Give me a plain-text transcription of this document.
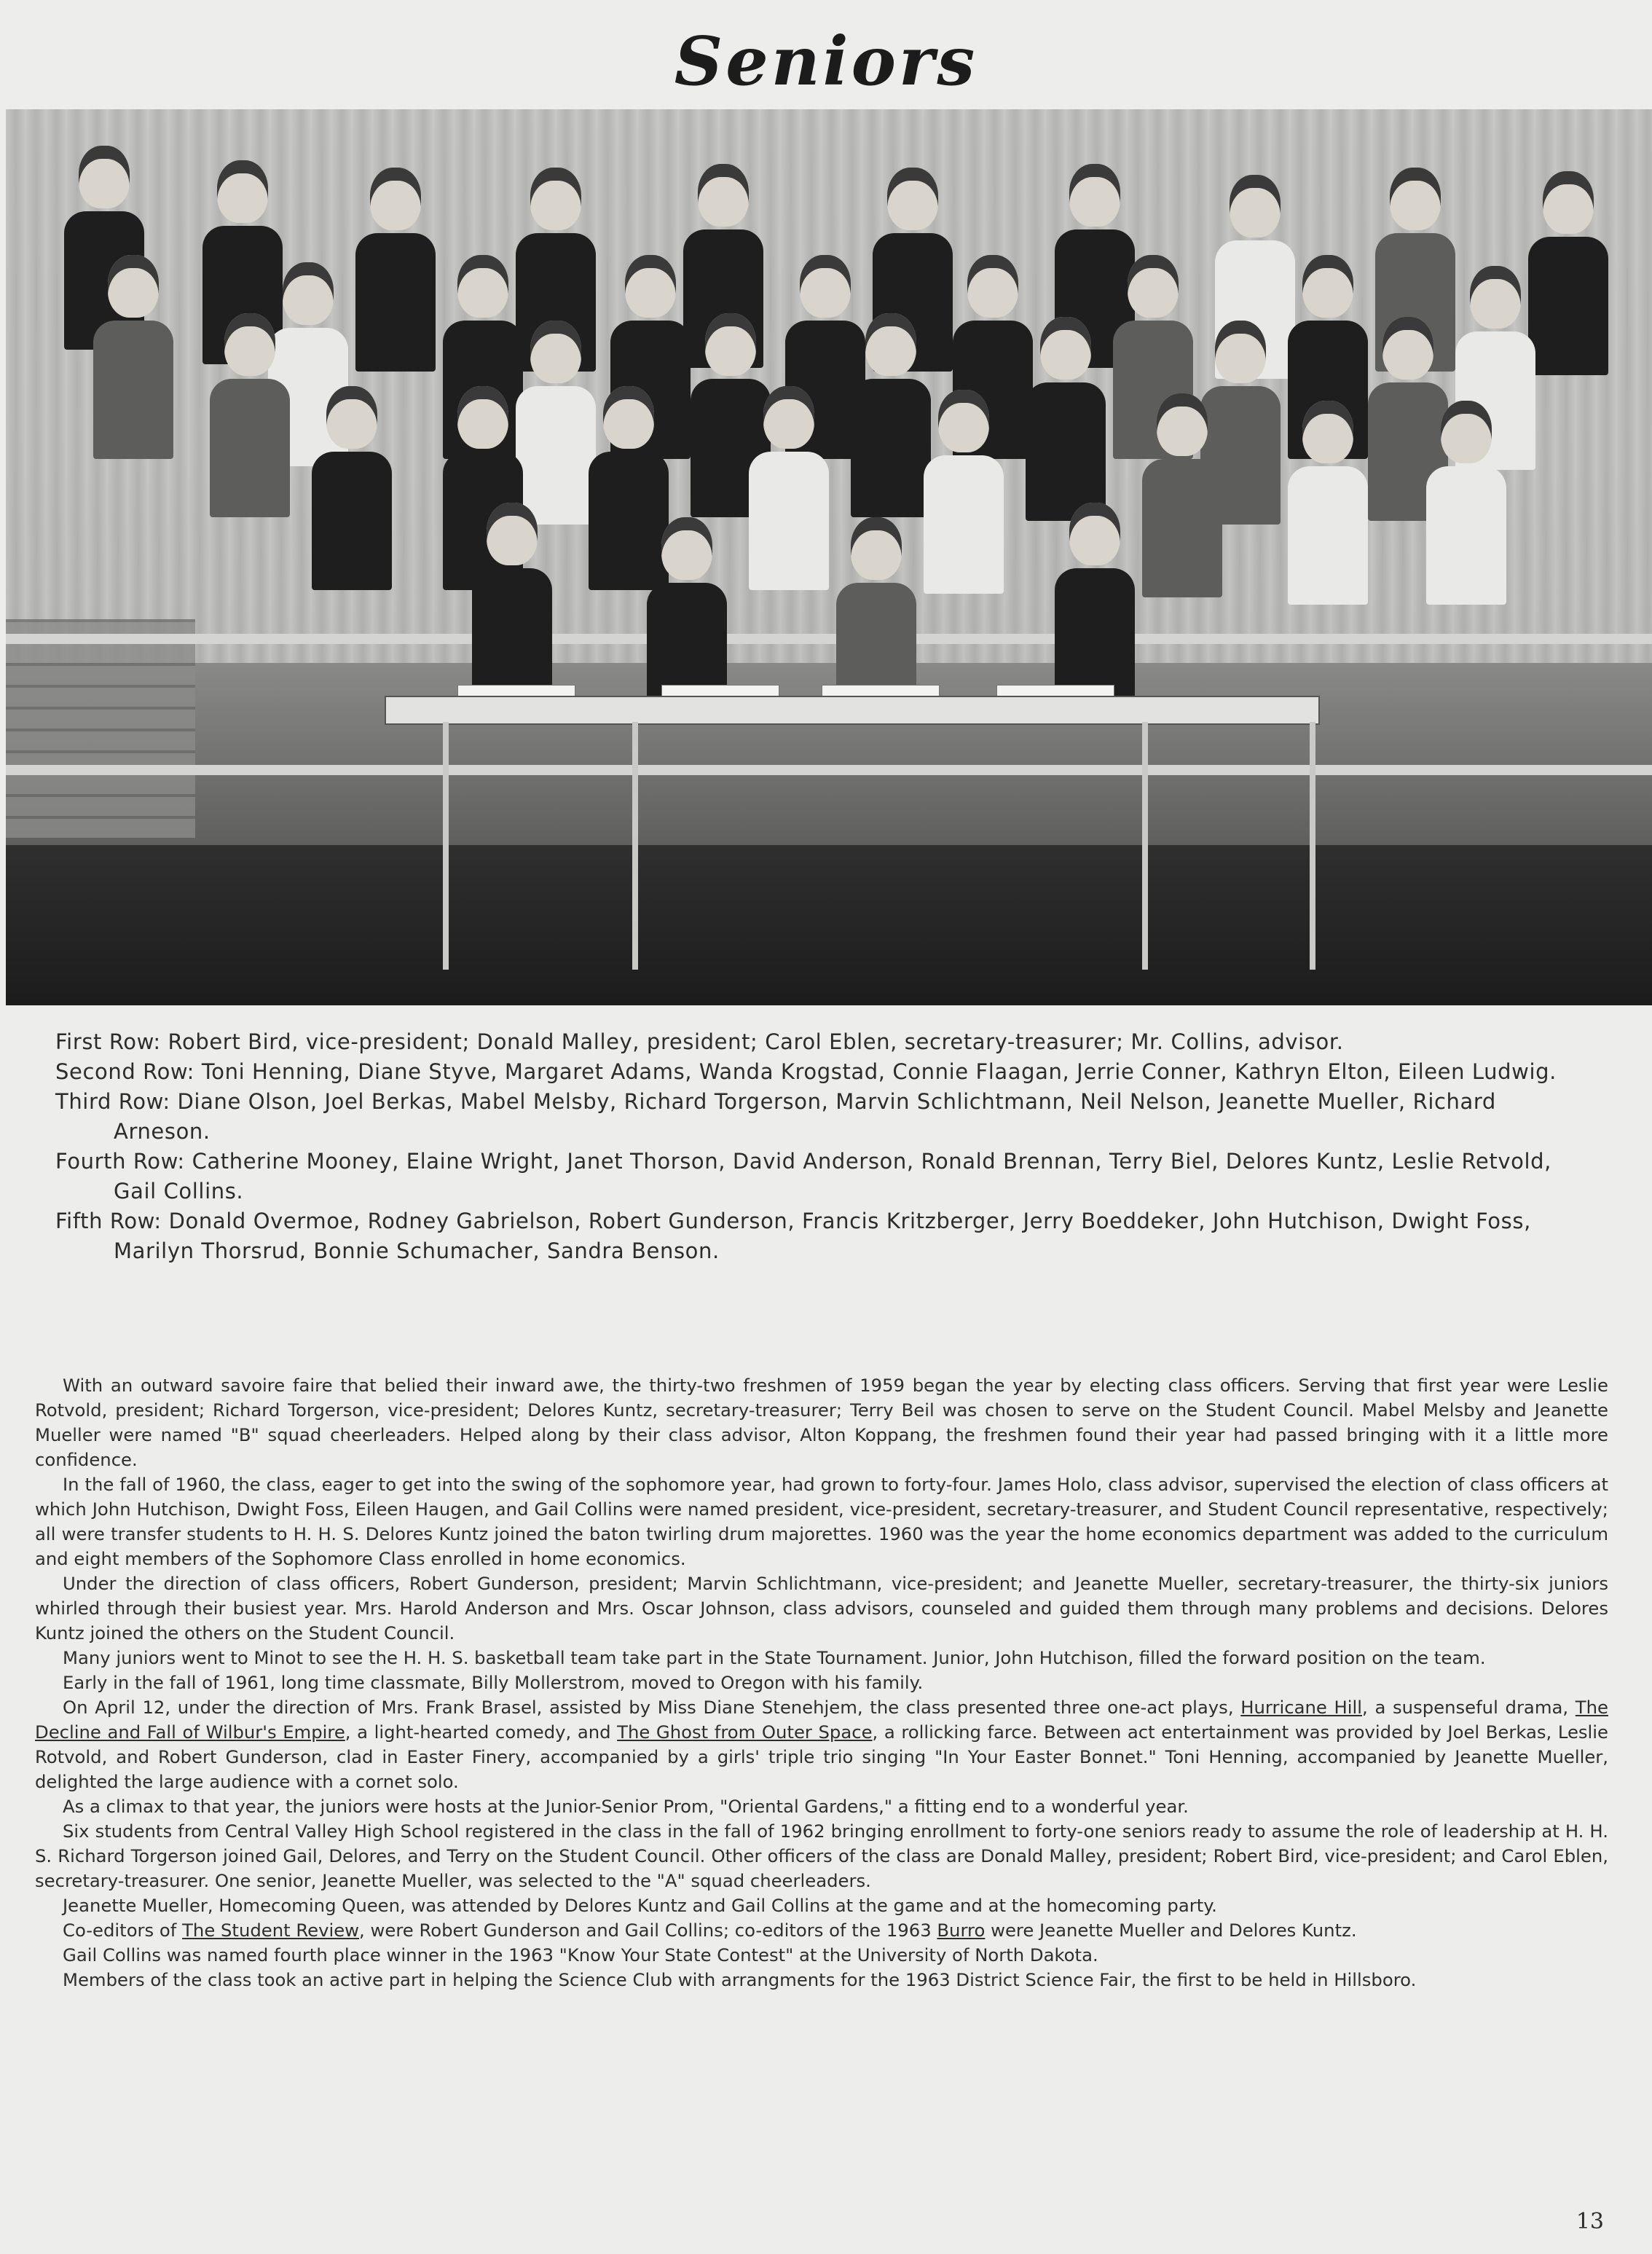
Seniors

First Row: Robert Bird, vice-president; Donald Malley, president; Carol Eblen, secretary-treasurer; Mr. Collins, advisor.

Second Row: Toni Henning, Diane Styve, Margaret Adams, Wanda Krogstad, Connie Flaagan, Jerrie Conner, Kathryn Elton, Eileen Ludwig.

Third Row: Diane Olson, Joel Berkas, Mabel Melsby, Richard Torgerson, Marvin Schlichtmann, Neil Nelson, Jeanette Mueller, Richard Arneson.

Fourth Row: Catherine Mooney, Elaine Wright, Janet Thorson, David Anderson, Ronald Brennan, Terry Biel, Delores Kuntz, Leslie Retvold, Gail Collins.

Fifth Row: Donald Overmoe, Rodney Gabrielson, Robert Gunderson, Francis Kritzberger, Jerry Boeddeker, John Hutchison, Dwight Foss, Marilyn Thorsrud, Bonnie Schumacher, Sandra Benson.

With an outward savoire faire that belied their inward awe, the thirty-two freshmen of 1959 began the year by electing class officers. Serving that first year were Leslie Rotvold, president; Richard Torgerson, vice-president; Delores Kuntz, secretary-treasurer; Terry Beil was chosen to serve on the Student Council. Mabel Melsby and Jeanette Mueller were named "B" squad cheerleaders. Helped along by their class advisor, Alton Koppang, the freshmen found their year had passed bringing with it a little more confidence.

In the fall of 1960, the class, eager to get into the swing of the sophomore year, had grown to forty-four. James Holo, class advisor, supervised the election of class officers at which John Hutchison, Dwight Foss, Eileen Haugen, and Gail Collins were named president, vice-president, secretary-treasurer, and Student Council representative, respectively; all were transfer students to H. H. S. Delores Kuntz joined the baton twirling drum majorettes. 1960 was the year the home economics department was added to the curriculum and eight members of the Sophomore Class enrolled in home economics.

Under the direction of class officers, Robert Gunderson, president; Marvin Schlichtmann, vice-president; and Jeanette Mueller, secretary-treasurer, the thirty-six juniors whirled through their busiest year. Mrs. Harold Anderson and Mrs. Oscar Johnson, class advisors, counseled and guided them through many problems and decisions. Delores Kuntz joined the others on the Student Council.

Many juniors went to Minot to see the H. H. S. basketball team take part in the State Tournament. Junior, John Hutchison, filled the forward position on the team.

Early in the fall of 1961, long time classmate, Billy Mollerstrom, moved to Oregon with his family.

On April 12, under the direction of Mrs. Frank Brasel, assisted by Miss Diane Stenehjem, the class presented three one-act plays, Hurricane Hill, a suspenseful drama, The Decline and Fall of Wilbur's Empire, a light-hearted comedy, and The Ghost from Outer Space, a rollicking farce. Between act entertainment was provided by Joel Berkas, Leslie Rotvold, and Robert Gunderson, clad in Easter Finery, accompanied by a girls' triple trio singing "In Your Easter Bonnet." Toni Henning, accompanied by Jeanette Mueller, delighted the large audience with a cornet solo.

As a climax to that year, the juniors were hosts at the Junior-Senior Prom, "Oriental Gardens," a fitting end to a wonderful year.

Six students from Central Valley High School registered in the class in the fall of 1962 bringing enrollment to forty-one seniors ready to assume the role of leadership at H. H. S. Richard Torgerson joined Gail, Delores, and Terry on the Student Council. Other officers of the class are Donald Malley, president; Robert Bird, vice-president; and Carol Eblen, secretary-treasurer. One senior, Jeanette Mueller, was selected to the "A" squad cheerleaders.

Jeanette Mueller, Homecoming Queen, was attended by Delores Kuntz and Gail Collins at the game and at the homecoming party.

Co-editors of The Student Review, were Robert Gunderson and Gail Collins; co-editors of the 1963 Burro were Jeanette Mueller and Delores Kuntz.

Gail Collins was named fourth place winner in the 1963 "Know Your State Contest" at the University of North Dakota.

Members of the class took an active part in helping the Science Club with arrangments for the 1963 District Science Fair, the first to be held in Hillsboro.

13
